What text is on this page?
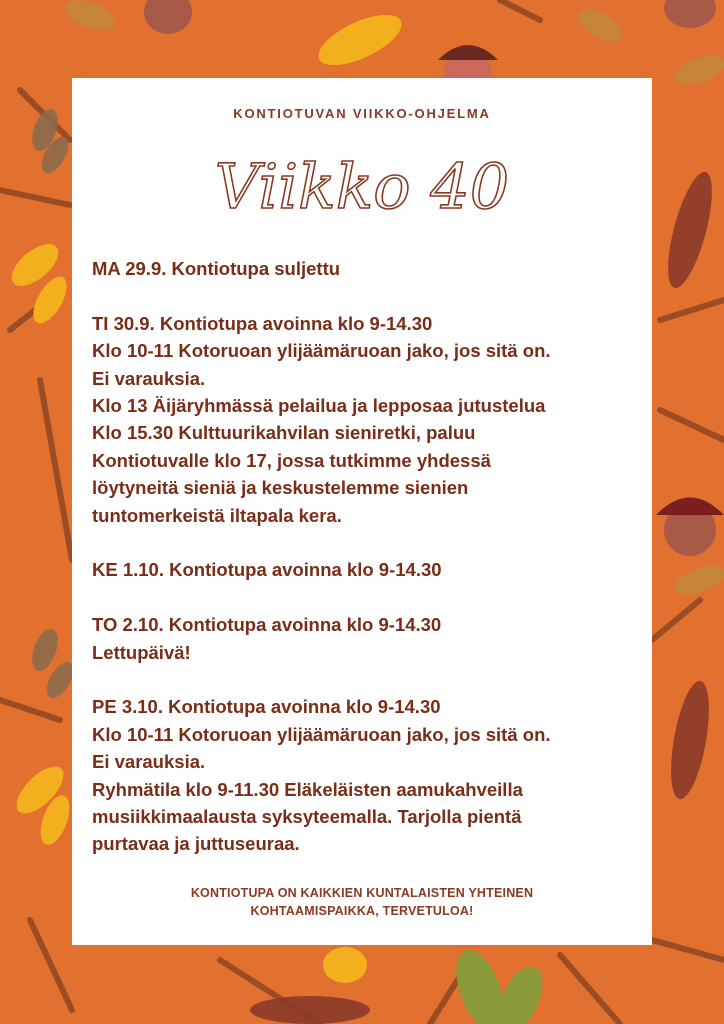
KONTIOTUVAN VIIKKO-OHJELMA
Viikko 40
MA 29.9. Kontiotupa suljettu
TI 30.9. Kontiotupa avoinna klo 9-14.30
Klo 10-11 Kotoruoan ylijäämäruoan jako, jos sitä on.
Ei varauksia.
Klo 13 Äijäryhmässä pelailua ja lepposaa jutustelua
Klo 15.30 Kulttuurikahvilan sieniretki, paluu
Kontiotuvalle klo 17, jossa tutkimme yhdessä
löytyneitä sieniä ja keskustelemme sienien
tuntomerkeistä iltapala kera.
KE 1.10. Kontiotupa avoinna klo 9-14.30
TO 2.10. Kontiotupa avoinna klo 9-14.30
Lettupäivä!
PE 3.10. Kontiotupa avoinna klo 9-14.30
Klo 10-11 Kotoruoan ylijäämäruoan jako, jos sitä on.
Ei varauksia.
Ryhmätila klo 9-11.30 Eläkeläisten aamukahveilla
musiikkimaalausta syksyteemalla. Tarjolla pientä
purtavaa ja juttuseuraa.
KONTIOTUPA ON KAIKKIEN KUNTALAISTEN YHTEINEN
KOHTAAMISPAIKKA, TERVETULOA!
